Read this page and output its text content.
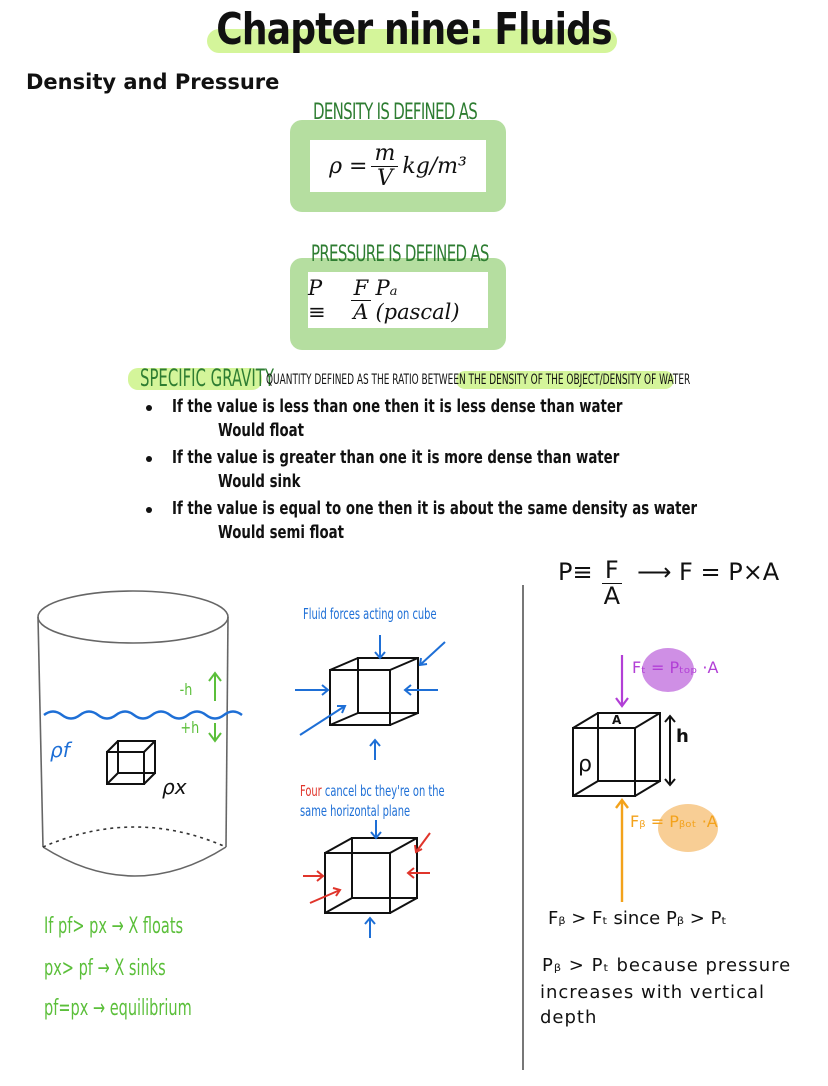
Chapter nine: Fluids
Density and Pressure
DENSITY IS DEFINED AS
$\rho = \frac{m}{V} kg/m^3$
PRESSURE IS DEFINED AS
P ≡	$\frac{F}{A}$ Pₐ (pascal)
SPECIFIC GRAVITY
QUANTITY DEFINED AS THE RATIO BETWEEN THE DENSITY OF THE OBJECT/DENSITY OF WATER
If the value is less than one then it is less dense than water
Would float
If the value is greater than one it is more dense than water
Would sink
If the value is equal to one then it is about the same density as water
Would semi float
-h
+h
ρf
ρx
If pf> px → X floats
px> pf → X sinks
pf=px → equilibrium
Fluid forces acting on cube
Four cancel bc they're on the
same horizontal plane
$P\equiv \frac{F}{A}$ ⟶ F = P×A
Fₜ = Pₜₒₚ ·A
Fᵦ = Pᵦₒₜ ·A
A
ρ
h
Fᵦ > Fₜ since Pᵦ > Pₜ
Pᵦ > Pₜ because pressure
increases with vertical
depth
